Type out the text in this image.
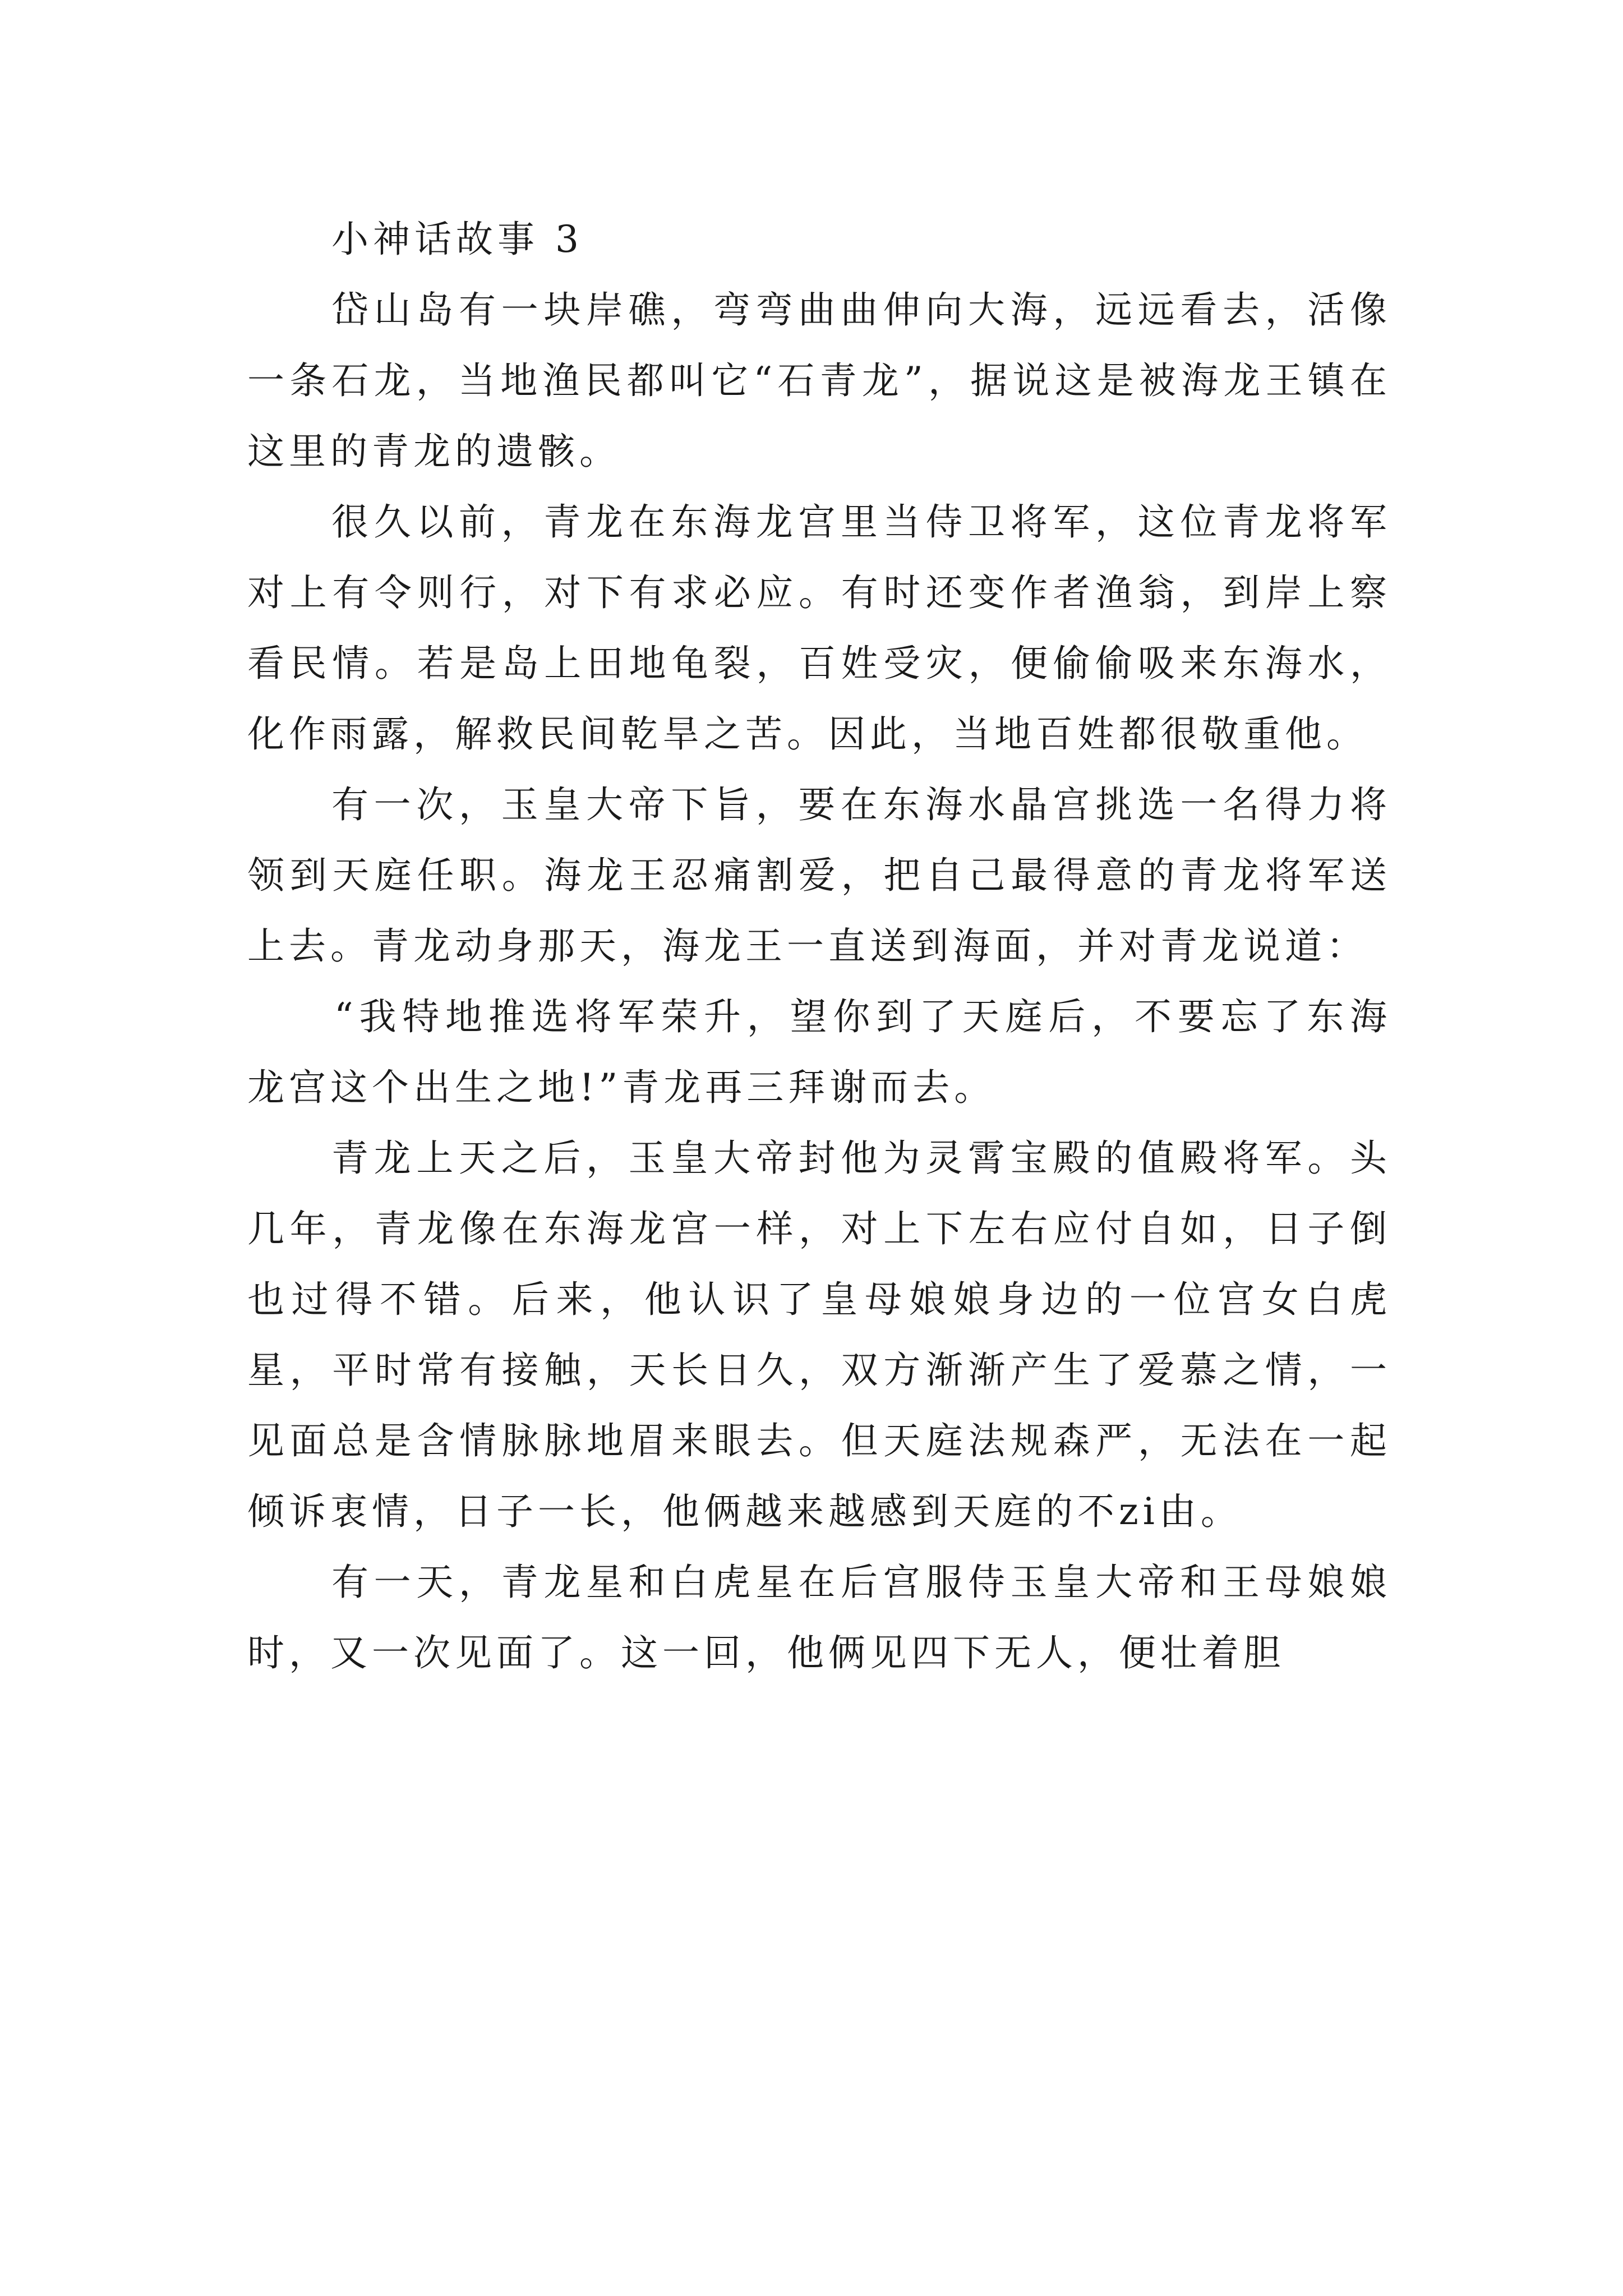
小神话故事 3

岱山岛有一块岸礁，弯弯曲曲伸向大海，远远看去，活像一条石龙，当地渔民都叫它“石青龙”，据说这是被海龙王镇在这里的青龙的遗骸。

很久以前，青龙在东海龙宫里当侍卫将军，这位青龙将军对上有令则行，对下有求必应。有时还变作者渔翁，到岸上察看民情。若是岛上田地龟裂，百姓受灾，便偷偷吸来东海水，化作雨露，解救民间乾旱之苦。因此，当地百姓都很敬重他。

有一次，玉皇大帝下旨，要在东海水晶宫挑选一名得力将领到天庭任职。海龙王忍痛割爱，把自己最得意的青龙将军送上去。青龙动身那天，海龙王一直送到海面，并对青龙说道：

“我特地推选将军荣升，望你到了天庭后，不要忘了东海龙宫这个出生之地!”青龙再三拜谢而去。

青龙上天之后，玉皇大帝封他为灵霄宝殿的值殿将军。头几年，青龙像在东海龙宫一样，对上下左右应付自如，日子倒也过得不错。后来，他认识了皇母娘娘身边的一位宫女白虎星，平时常有接触，天长日久，双方渐渐产生了爱慕之情，一见面总是含情脉脉地眉来眼去。但天庭法规森严，无法在一起倾诉衷情，日子一长，他俩越来越感到天庭的不zi由。

有一天，青龙星和白虎星在后宫服侍玉皇大帝和王母娘娘时，又一次见面了。这一回，他俩见四下无人，便壮着胆
